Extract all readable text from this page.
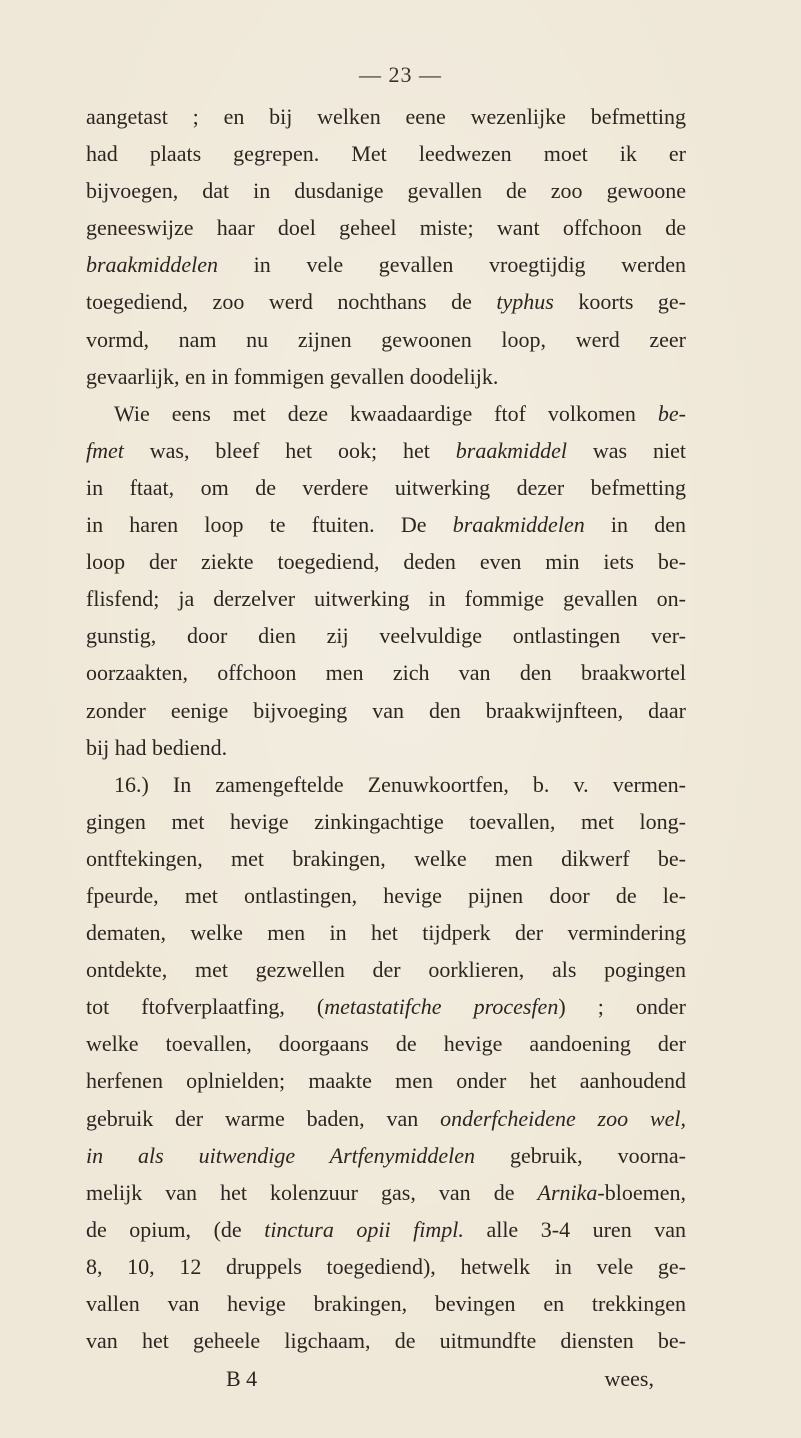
— 23 —
aangetast ; en bij welken eene wezenlijke befmetting
had plaats gegrepen. Met leedwezen moet ik er
bijvoegen, dat in dusdanige gevallen de zoo gewoone
geneeswijze haar doel geheel miste; want offchoon de
braakmiddelen in vele gevallen vroegtijdig werden
toegediend, zoo werd nochthans de typhus koorts ge-
vormd, nam nu zijnen gewoonen loop, werd zeer
gevaarlijk, en in fommigen gevallen doodelijk.
Wie eens met deze kwaadaardige ftof volkomen be-
fmet was, bleef het ook; het braakmiddel was niet
in ftaat, om de verdere uitwerking dezer befmetting
in haren loop te ftuiten. De braakmiddelen in den
loop der ziekte toegediend, deden even min iets be-
flisfend; ja derzelver uitwerking in fommige gevallen on-
gunstig, door dien zij veelvuldige ontlastingen ver-
oorzaakten, offchoon men zich van den braakwortel
zonder eenige bijvoeging van den braakwijnfteen, daar
bij had bediend.
16.) In zamengeftelde Zenuwkoortfen, b. v. vermen-
gingen met hevige zinkingachtige toevallen, met long-
ontftekingen, met brakingen, welke men dikwerf be-
fpeurde, met ontlastingen, hevige pijnen door de le-
dematen, welke men in het tijdperk der vermindering
ontdekte, met gezwellen der oorklieren, als pogingen
tot ftofverplaatfing, (metastatifche procesfen) ; onder
welke toevallen, doorgaans de hevige aandoening der
herfenen oplnielden; maakte men onder het aanhoudend
gebruik der warme baden, van onderfcheidene zoo wel,
in als uitwendige Artfenymiddelen gebruik, voorna-
melijk van het kolenzuur gas, van de Arnika-bloemen,
de opium, (de tinctura opii fimpl. alle 3-4 uren van
8, 10, 12 druppels toegediend), hetwelk in vele ge-
vallen van hevige brakingen, bevingen en trekkingen
van het geheele ligchaam, de uitmundfte diensten be-
B 4	wees,
